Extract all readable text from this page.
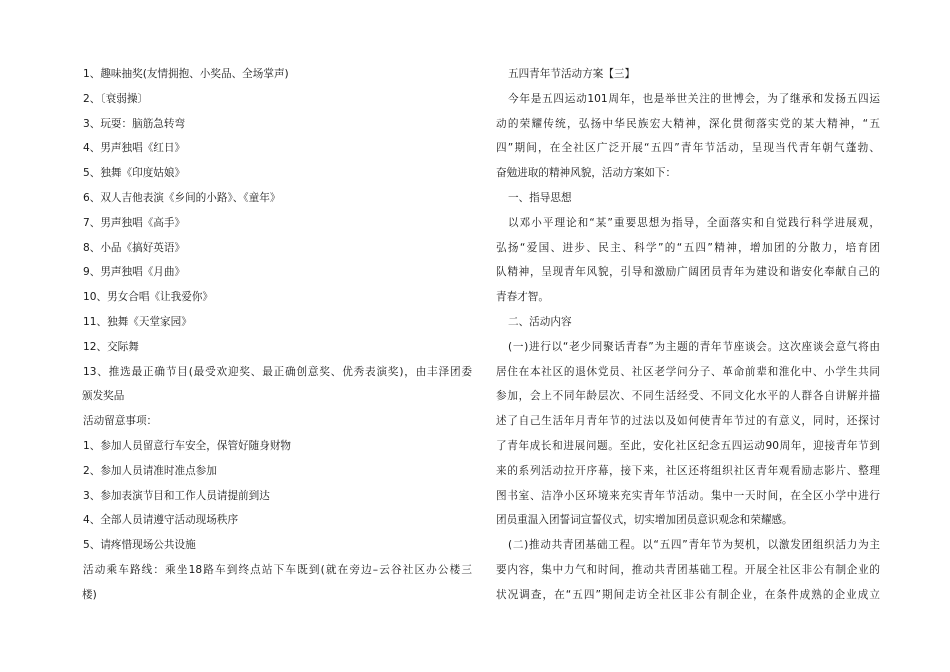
1、趣味抽奖(友情拥抱、小奖品、全场掌声)
2、〔衰弱操〕
3、玩耍：脑筋急转弯
4、男声独唱《红日》
5、独舞《印度姑娘》
6、双人吉他表演《乡间的小路》、《童年》
7、男声独唱《高手》
8、小品《搞好英语》
9、男声独唱《月曲》
10、男女合唱《让我爱你》
11、独舞《天堂家园》
12、交际舞
13、推选最正确节目(最受欢迎奖、最正确创意奖、优秀表演奖)，由丰泽团委
颁发奖品
活动留意事项：
1、参加人员留意行车安全，保管好随身财物
2、参加人员请准时准点参加
3、参加表演节目和工作人员请提前到达
4、全部人员请遵守活动现场秩序
5、请疼惜现场公共设施
活动乘车路线：乘坐18路车到终点站下车既到(就在旁边–云谷社区办公楼三
楼)
五四青年节活动方案【三】
今年是五四运动101周年，也是举世关注的世博会，为了继承和发扬五四运
动的荣耀传统，弘扬中华民族宏大精神，深化贯彻落实党的某大精神，“五
四”期间，在全社区广泛开展“五四”青年节活动，呈现当代青年朝气蓬勃、
奋勉进取的精神风貌，活动方案如下：
一、指导思想
以邓小平理论和“某”重要思想为指导，全面落实和自觉践行科学进展观，
弘扬“爱国、进步、民主、科学”的“五四”精神，增加团的分散力，培育团
队精神，呈现青年风貌，引导和激励广阔团员青年为建设和谐安化奉献自己的
青春才智。
二、活动内容
(一)进行以“老少同聚话青春”为主题的青年节座谈会。这次座谈会意气将由
居住在本社区的退休党员、社区老学问分子、革命前辈和淮化中、小学生共同
参加，会上不同年龄层次、不同生活经受、不同文化水平的人群各自讲解并描
述了自己生活年月青年节的过法以及如何使青年节过的有意义，同时，还探讨
了青年成长和进展问题。至此，安化社区纪念五四运动90周年，迎接青年节到
来的系列活动拉开序幕，接下来，社区还将组织社区青年观看励志影片、整理
图书室、洁净小区环境来充实青年节活动。集中一天时间，在全区小学中进行
团员重温入团誓词宣誓仪式，切实增加团员意识观念和荣耀感。
(二)推动共青团基础工程。以“五四”青年节为契机，以激发团组织活力为主
要内容，集中力气和时间，推动共青团基础工程。开展全社区非公有制企业的
状况调查，在“五四”期间走访全社区非公有制企业，在条件成熟的企业成立
